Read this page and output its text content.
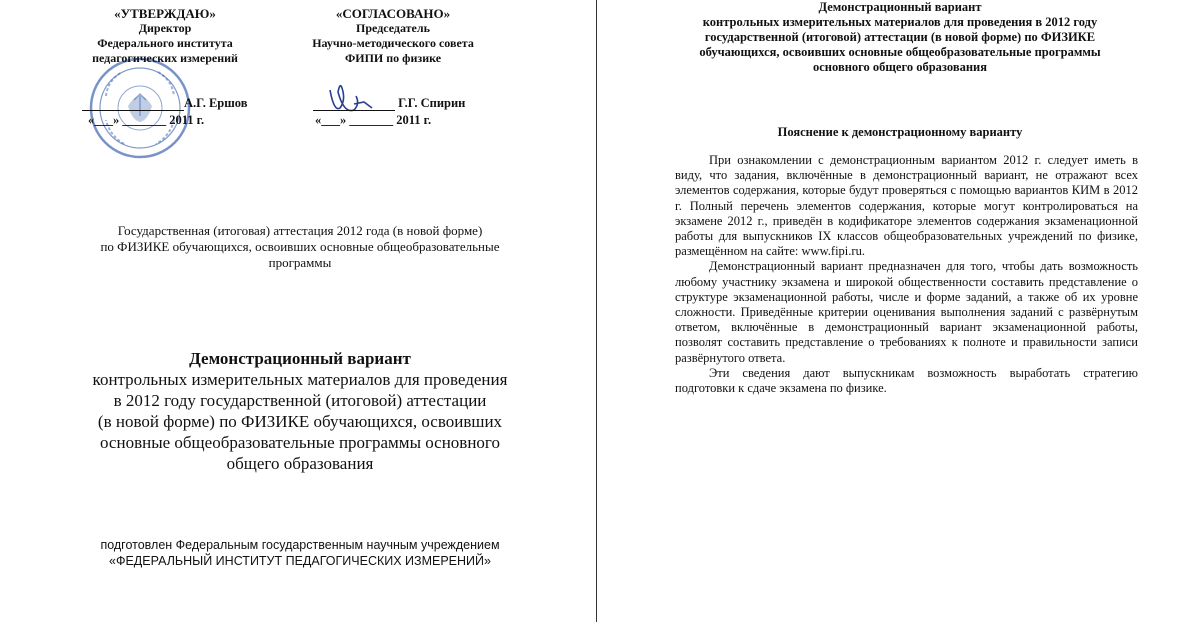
«УТВЕРЖДАЮ»
Директор
Федерального института
педагогических измерений
А.Г. Ершов
«___» _______ 2011 г.
«СОГЛАСОВАНО»
Председатель
Научно-методического совета
ФИПИ по физике
Г.Г. Спирин
«___» _______ 2011 г.
Государственная (итоговая) аттестация 2012 года (в новой форме)
по ФИЗИКЕ обучающихся, освоивших основные общеобразовательные
программы
Демонстрационный вариант
контрольных измерительных материалов для проведения
в 2012 году государственной (итоговой) аттестации
(в новой форме) по ФИЗИКЕ обучающихся, освоивших
основные общеобразовательные программы основного
общего образования
подготовлен Федеральным государственным научным учреждением
«ФЕДЕРАЛЬНЫЙ ИНСТИТУТ ПЕДАГОГИЧЕСКИХ ИЗМЕРЕНИЙ»
Демонстрационный вариант
контрольных измерительных материалов для проведения в 2012 году
государственной (итоговой) аттестации (в новой форме) по ФИЗИКЕ
обучающихся, освоивших основные общеобразовательные программы
основного общего образования
Пояснение к демонстрационному варианту

При ознакомлении с демонстрационным вариантом 2012 г. следует иметь в виду, что задания, включённые в демонстрационный вариант, не отражают всех элементов содержания, которые будут проверяться с помощью вариантов КИМ в 2012 г. Полный перечень элементов содержания, которые могут контролироваться на экзамене 2012 г., приведён в кодификаторе элементов содержания экзаменационной работы для выпускников IX классов общеобразовательных учреждений по физике, размещённом на сайте: www.fipi.ru.

Демонстрационный вариант предназначен для того, чтобы дать возможность любому участнику экзамена и широкой общественности составить представление о структуре экзаменационной работы, числе и форме заданий, а также об их уровне сложности. Приведённые критерии оценивания выполнения заданий с развёрнутым ответом, включённые в демонстрационный вариант экзаменационной работы, позволят составить представление о требованиях к полноте и правильности записи развёрнутого ответа.

Эти сведения дают выпускникам возможность выработать стратегию подготовки к сдаче экзамена по физике.
